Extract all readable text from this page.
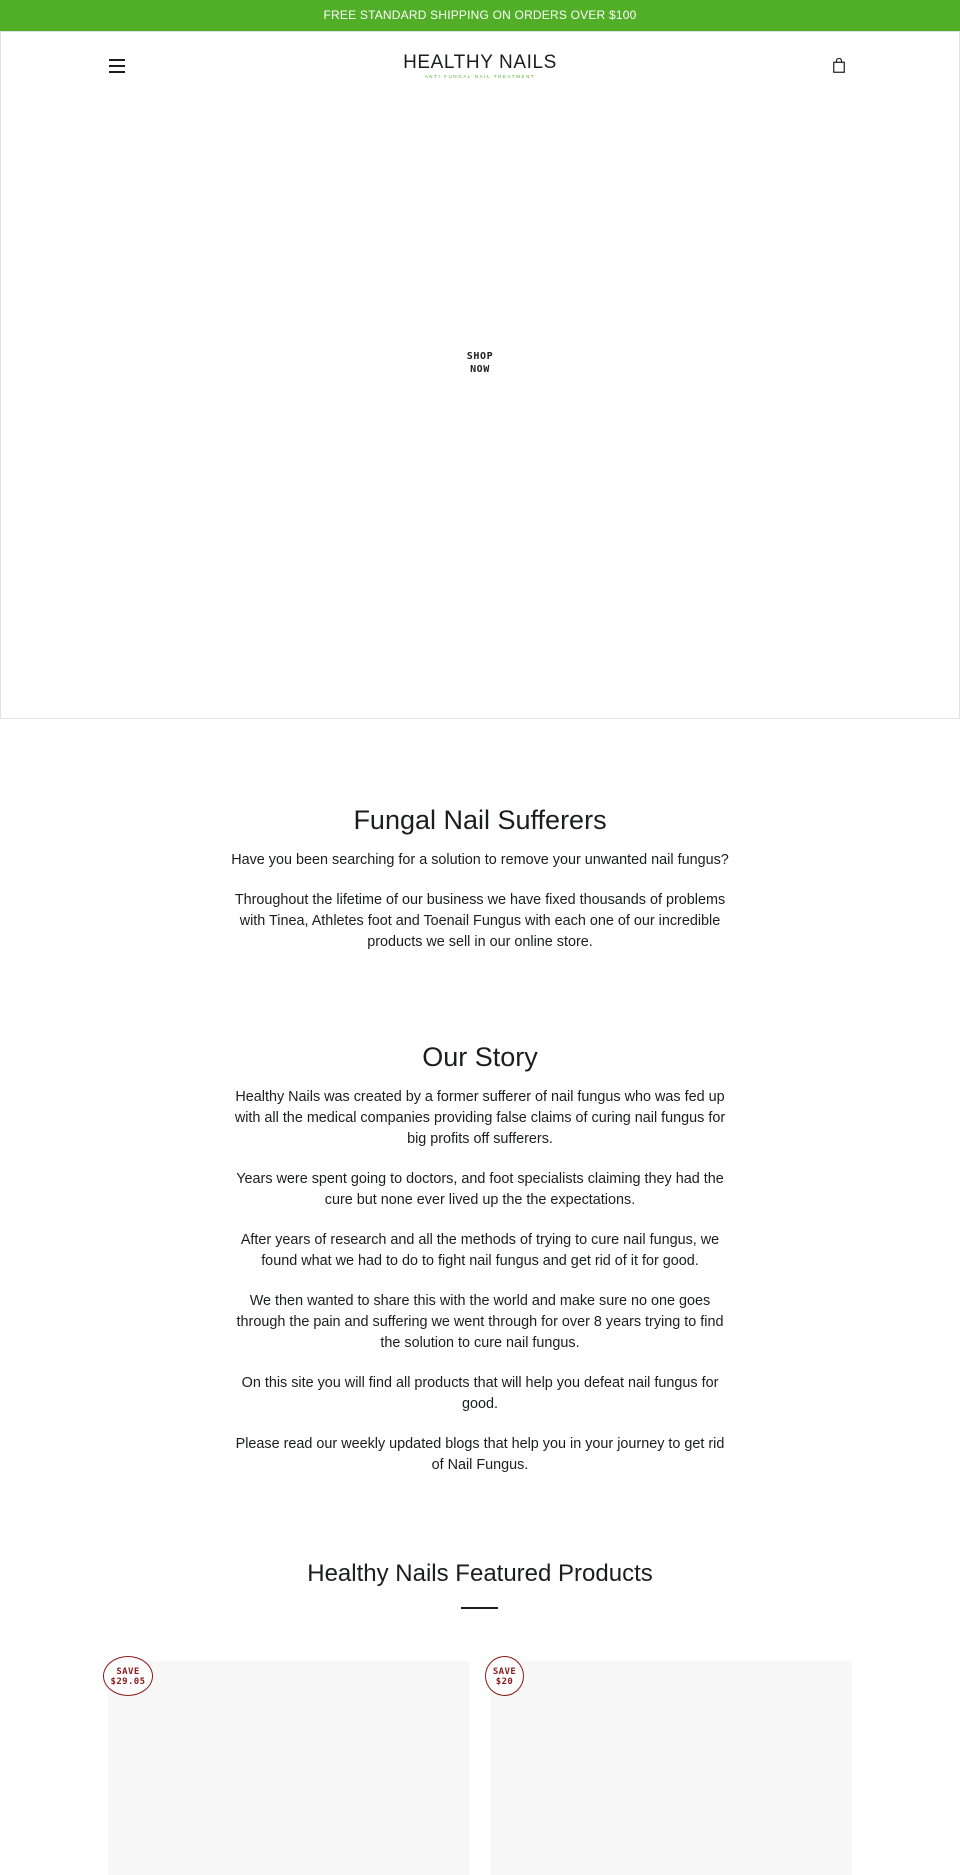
FREE STANDARD SHIPPING ON ORDERS OVER $100
HEALTHY NAILS
ANTI FUNGAL NAIL TREATMENT
SHOP
NOW
Fungal Nail Sufferers

Have you been searching for a solution to remove your unwanted nail fungus?

Throughout the lifetime of our business we have fixed thousands of problems with Tinea, Athletes foot and Toenail Fungus with each one of our incredible products we sell in our online store.

Our Story

Healthy Nails was created by a former sufferer of nail fungus who was fed up with all the medical companies providing false claims of curing nail fungus for big profits off sufferers.

Years were spent going to doctors, and foot specialists claiming they had the cure but none ever lived up the the expectations.

After years of research and all the methods of trying to cure nail fungus, we found what we had to do to fight nail fungus and get rid of it for good.

We then wanted to share this with the world and make sure no one goes through the pain and suffering we went through for over 8 years trying to find the solution to cure nail fungus.

On this site you will find all products that will help you defeat nail fungus for good.

Please read our weekly updated blogs that help you in your journey to get rid of Nail Fungus.

Healthy Nails Featured Products
SAVE
$29.05
SAVE
$20
